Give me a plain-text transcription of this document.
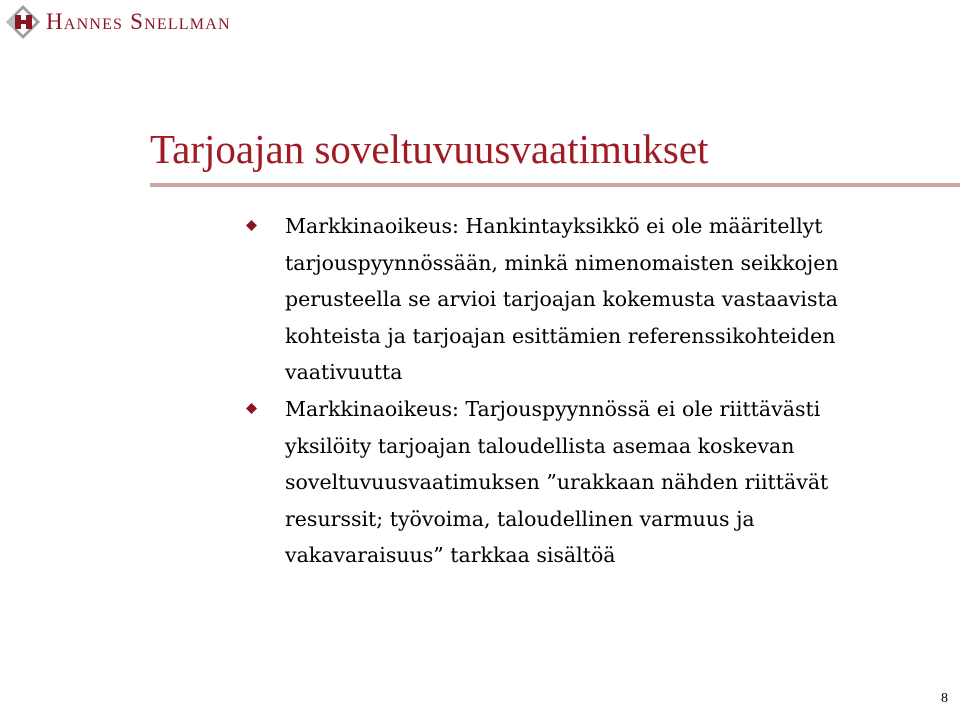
Hannes Snellman
Tarjoajan soveltuvuusvaatimukset
Markkinaoikeus: Hankintayksikkö ei ole määritellyt
tarjouspyynnössään, minkä nimenomaisten seikkojen
perusteella se arvioi tarjoajan kokemusta vastaavista
kohteista ja tarjoajan esittämien referenssikohteiden
vaativuutta
Markkinaoikeus: Tarjouspyynnössä ei ole riittävästi
yksilöity tarjoajan taloudellista asemaa koskevan
soveltuvuusvaatimuksen ”urakkaan nähden riittävät
resurssit; työvoima, taloudellinen varmuus ja
vakavaraisuus” tarkkaa sisältöä
8
